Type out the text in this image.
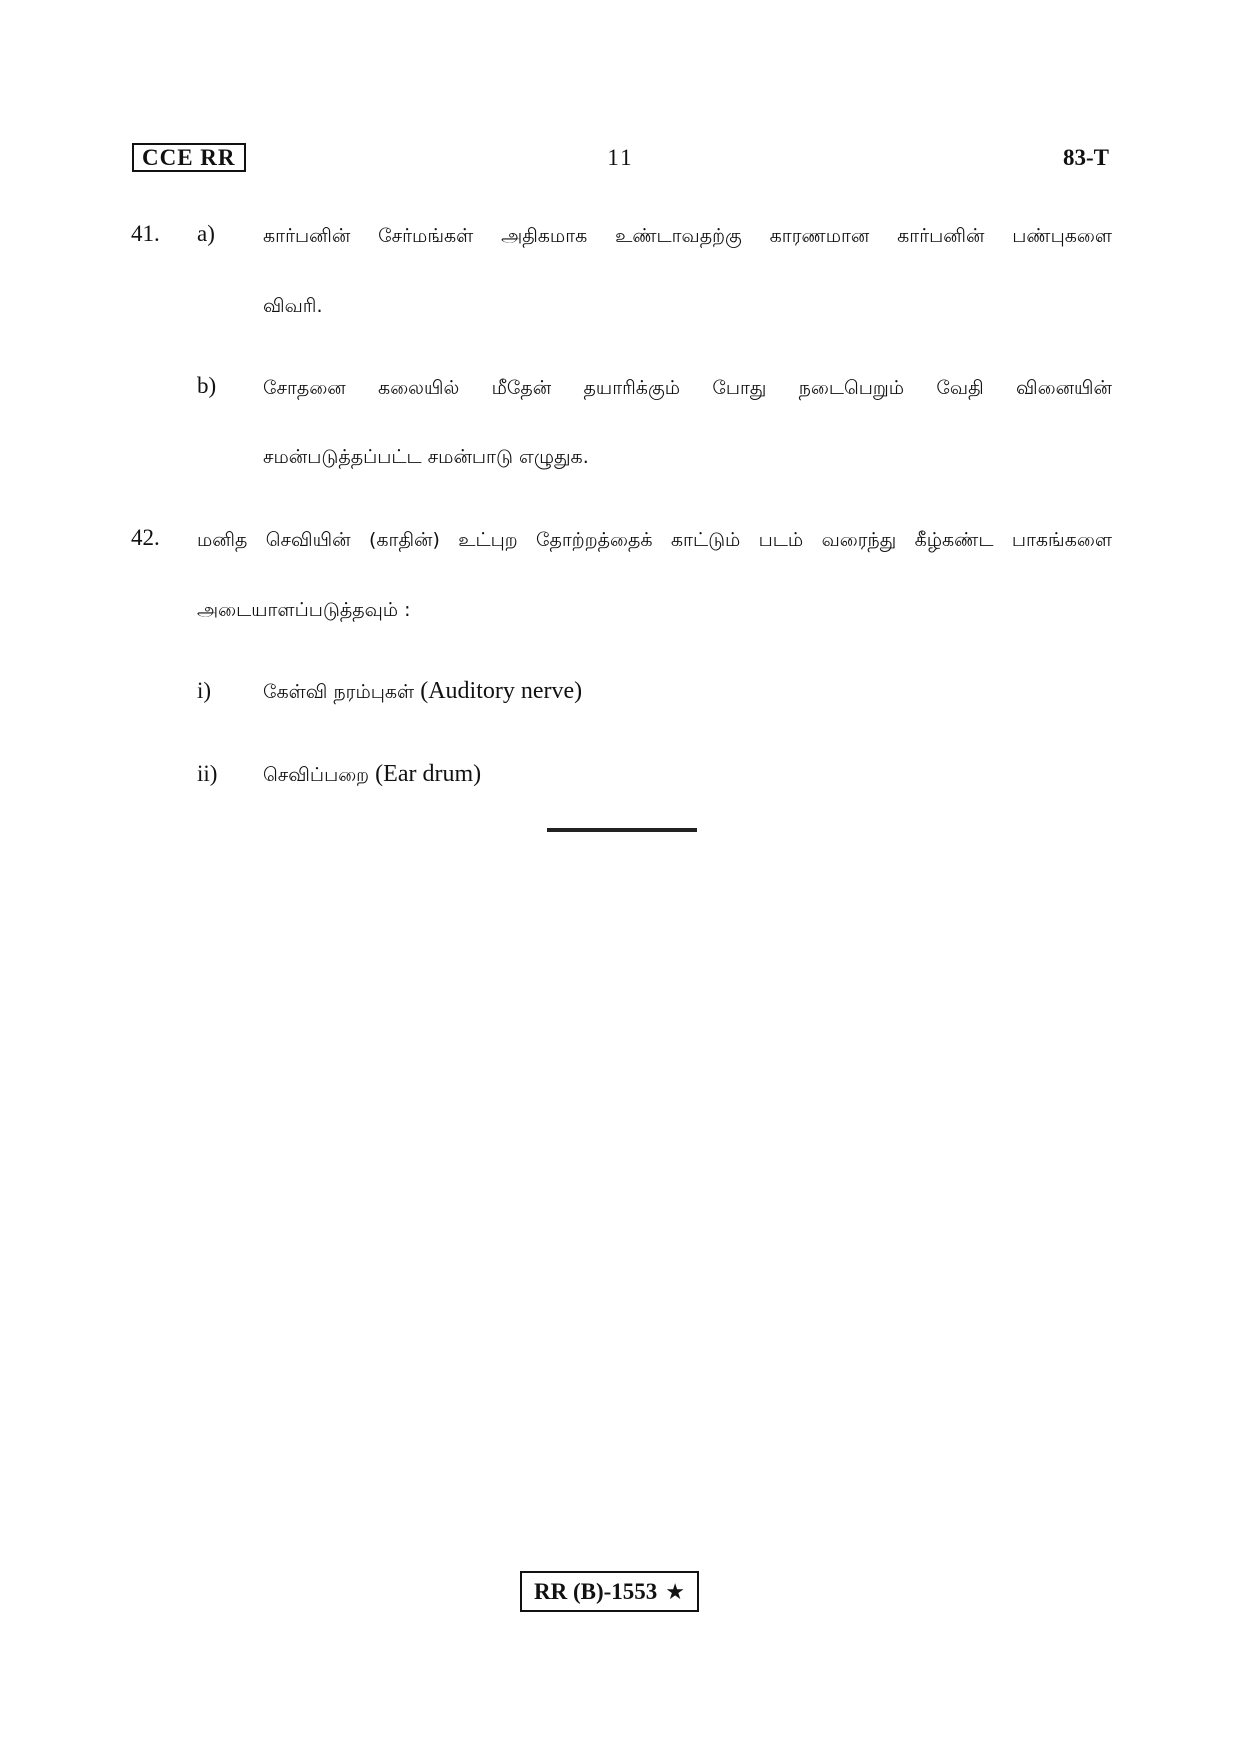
CCE RR	11	83-T
41. a)	கார்பனின் சேர்மங்கள் அதிகமாக உண்டாவதற்கு காரணமான கார்பனின் பண்புகளை
விவரி.
b) சோதனை கலையில் மீதேன் தயாரிக்கும் போது நடைபெறும் வேதி வினையின்
சமன்படுத்தப்பட்ட சமன்பாடு எழுதுக.
42. மனித செவியின் (காதின்) உட்புற தோற்றத்தைக் காட்டும் படம் வரைந்து கீழ்கண்ட பாகங்களை
அடையாளப்படுத்தவும் :
i)	கேள்வி நரம்புகள் (Auditory nerve)
ii) செவிப்பறை (Ear drum)
RR (B)-1553 ★
